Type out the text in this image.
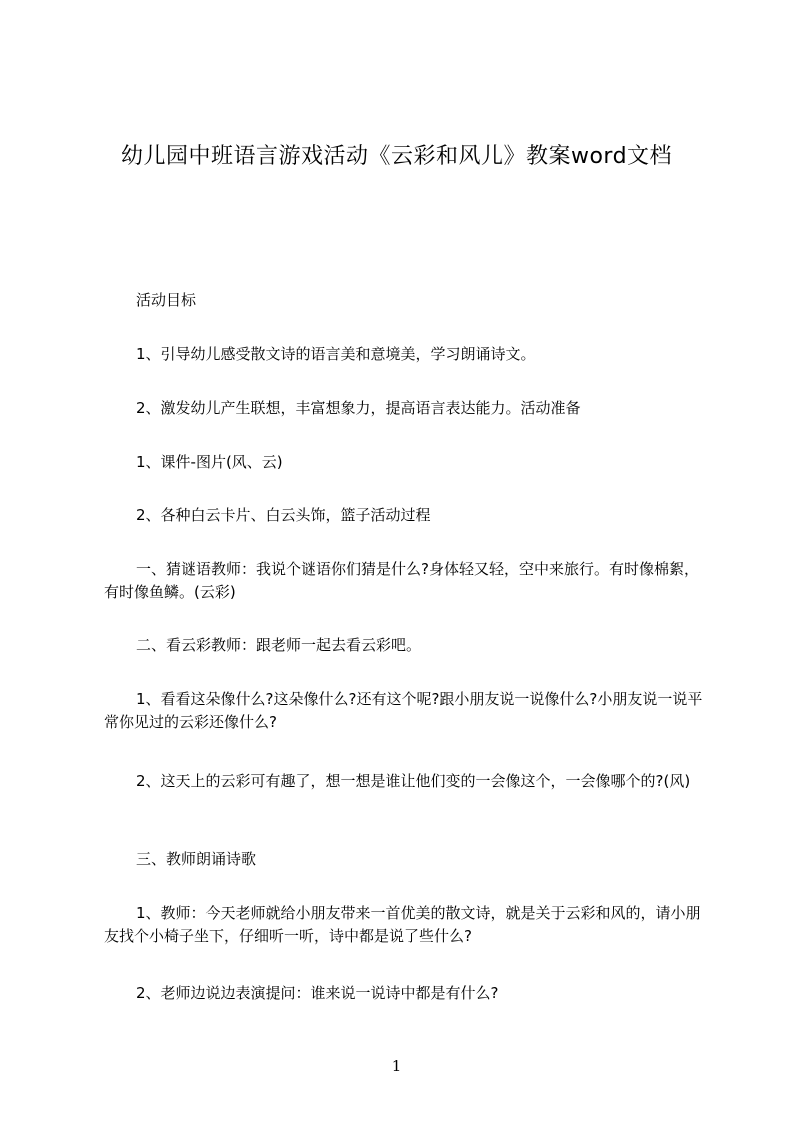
幼儿园中班语言游戏活动《云彩和风儿》教案word文档

活动目标

1、引导幼儿感受散文诗的语言美和意境美，学习朗诵诗文。

2、激发幼儿产生联想，丰富想象力，提高语言表达能力。活动准备

1、课件-图片(风、云)

2、各种白云卡片、白云头饰，篮子活动过程

一、猜谜语教师：我说个谜语你们猜是什么?身体轻又轻，空中来旅行。有时像棉絮，有时像鱼鳞。(云彩)

二、看云彩教师：跟老师一起去看云彩吧。

1、看看这朵像什么?这朵像什么?还有这个呢?跟小朋友说一说像什么?小朋友说一说平常你见过的云彩还像什么?

2、这天上的云彩可有趣了，想一想是谁让他们变的一会像这个，一会像哪个的?(风)

三、教师朗诵诗歌

1、教师：今天老师就给小朋友带来一首优美的散文诗，就是关于云彩和风的，请小朋友找个小椅子坐下，仔细听一听，诗中都是说了些什么?

2、老师边说边表演提问：谁来说一说诗中都是有什么?

1
